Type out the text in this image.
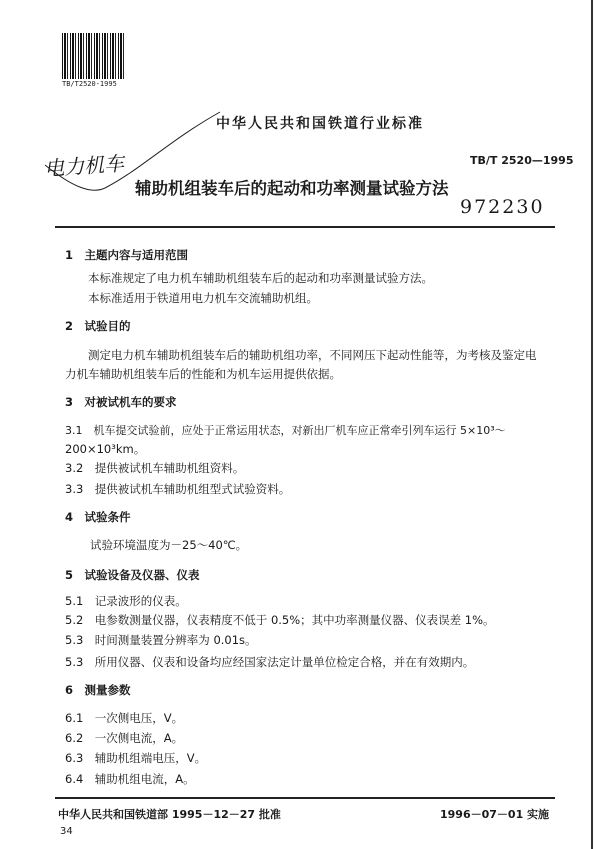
TB/T2520-1995
中华人民共和国铁道行业标准
电力机车	TB/T 2520—1995
辅助机组装车后的起动和功率测量试验方法
972230
1　主题内容与适用范围
本标准规定了电力机车辅助机组装车后的起动和功率测量试验方法。
本标准适用于铁道用电力机车交流辅助机组。
2　试验目的
测定电力机车辅助机组装车后的辅助机组功率，不同网压下起动性能等，为考核及鉴定电
力机车辅助机组装车后的性能和为机车运用提供依据。
3　对被试机车的要求
3.1　机车提交试验前，应处于正常运用状态，对新出厂机车应正常牵引列车运行 5×10³～
200×10³km。
3.2　提供被试机车辅助机组资料。
3.3　提供被试机车辅助机组型式试验资料。
4　试验条件
试验环境温度为－25～40℃。
5　试验设备及仪器、仪表
5.1　记录波形的仪表。
5.2　电参数测量仪器，仪表精度不低于 0.5%；其中功率测量仪器、仪表误差 1%。
5.3　时间测量装置分辨率为 0.01s。
5.3　所用仪器、仪表和设备均应经国家法定计量单位检定合格，并在有效期内。
6　测量参数
6.1　一次侧电压，V。
6.2　一次侧电流，A。
6.3　辅助机组端电压，V。
6.4　辅助机组电流，A。
中华人民共和国铁道部 1995－12－27 批准	1996－07－01 实施
34
